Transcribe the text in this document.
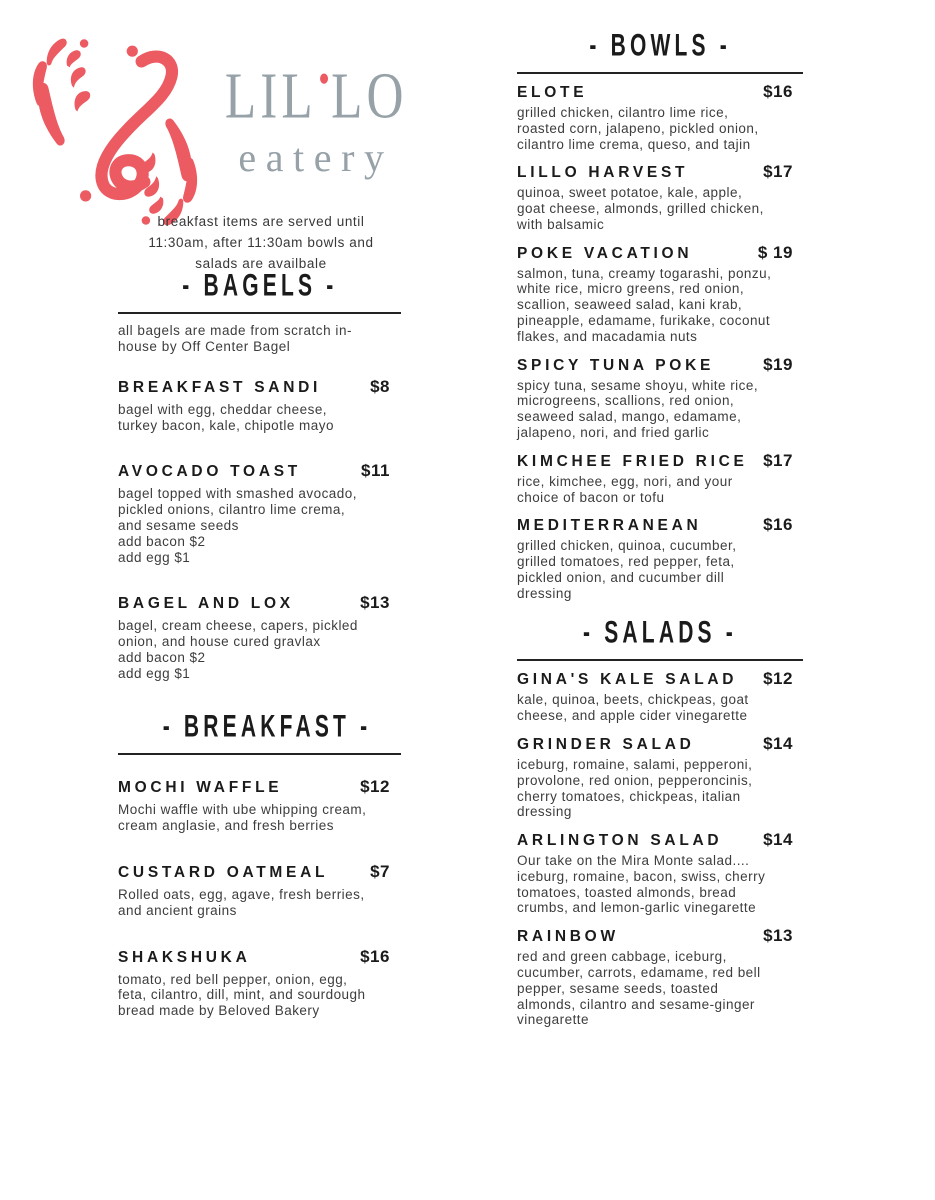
LIL LO
eatery
breakfast items are served until
11:30am, after 11:30am bowls and
salads are availbale
- BAGELS -

all bagels are made from scratch in-house by Off Center Bagel

BREAKFAST SANDI	$8

bagel with egg, cheddar cheese, turkey bacon, kale, chipotle mayo

AVOCADO TOAST	$11

bagel topped with smashed avocado, pickled onions, cilantro lime crema, and sesame seeds

add bacon $2
add egg $1
BAGEL AND LOX	$13

bagel, cream cheese, capers, pickled onion, and house cured gravlax

add bacon $2
add egg $1
- BREAKFAST -
MOCHI WAFFLE	$12

Mochi waffle with ube whipping cream, cream anglasie, and fresh berries

CUSTARD OATMEAL $7

Rolled oats, egg, agave, fresh berries, and ancient grains

SHAKSHUKA	$16

tomato, red bell pepper, onion, egg, feta, cilantro, dill, mint, and sourdough bread made by Beloved Bakery

- BOWLS -
ELOTE	$16

grilled chicken, cilantro lime rice, roasted corn, jalapeno, pickled onion, cilantro lime crema, queso, and tajin

LILLO HARVEST	$17

quinoa, sweet potatoe, kale, apple, goat cheese, almonds, grilled chicken, with balsamic

POKE VACATION	$ 19

salmon, tuna, creamy togarashi, ponzu, white rice, micro greens, red onion, scallion, seaweed salad, kani krab, pineapple, edamame, furikake, coconut flakes, and macadamia nuts

SPICY TUNA POKE	$19

spicy tuna, sesame shoyu, white rice, microgreens, scallions, red onion, seaweed salad, mango, edamame, jalapeno, nori, and fried garlic

KIMCHEE FRIED RICE $17

rice, kimchee, egg, nori, and your choice of bacon or tofu

MEDITERRANEAN	$16

grilled chicken, quinoa, cucumber, grilled tomatoes, red pepper, feta, pickled onion, and cucumber dill dressing

- SALADS -
GINA'S KALE SALAD $12

kale, quinoa, beets, chickpeas, goat cheese, and apple cider vinegarette

GRINDER SALAD	$14

iceburg, romaine, salami, pepperoni, provolone, red onion, pepperoncinis, cherry tomatoes, chickpeas, italian dressing

ARLINGTON SALAD $14

Our take on the Mira Monte salad.... iceburg, romaine, bacon, swiss, cherry tomatoes, toasted almonds, bread crumbs, and lemon-garlic vinegarette

RAINBOW	$13

red and green cabbage, iceburg, cucumber, carrots, edamame, red bell pepper, sesame seeds, toasted almonds, cilantro and sesame-ginger vinegarette
